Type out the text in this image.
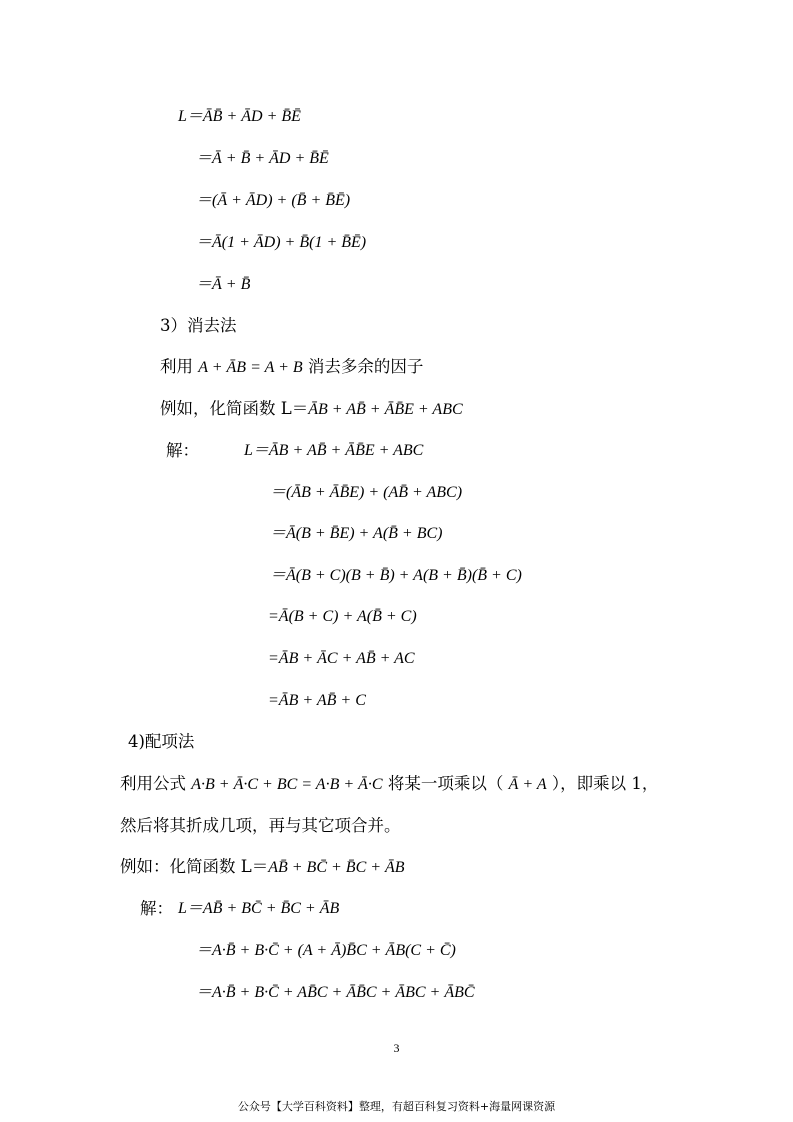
L＝ĀB̄ + ĀD + B̄Ē
＝Ā + B̄ + ĀD + B̄Ē
＝(Ā + ĀD) + (B̄ + B̄Ē)
＝Ā(1 + ĀD) + B̄(1 + B̄Ē)
＝Ā + B̄
3）消去法
利用 A + ĀB = A + B 消去多余的因子
例如，化简函数 L＝ĀB + AB̄ + ĀB̄E + ABC
解：	L＝ĀB + AB̄ + ĀB̄E + ABC
＝(ĀB + ĀB̄E) + (AB̄ + ABC)
＝Ā(B + B̄E) + A(B̄ + BC)
＝Ā(B + C)(B + B̄) + A(B + B̄)(B̄ + C)
=Ā(B + C) + A(B̄ + C)
=ĀB + ĀC + AB̄ + AC
=ĀB + AB̄ + C
4)配项法
利用公式 A·B + Ā·C + BC = A·B + Ā·C 将某一项乘以（ Ā + A ），即乘以 1，
然后将其折成几项，再与其它项合并。
例如：化简函数 L＝AB̄ + BC̄ + B̄C + ĀB
解： L＝AB̄ + BC̄ + B̄C + ĀB
＝A·B̄ + B·C̄ + (A + Ā)B̄C + ĀB(C + C̄)
＝A·B̄ + B·C̄ + AB̄C + ĀB̄C + ĀBC + ĀBC̄
3
公众号【大学百科资料】整理，有超百科复习资料+海量网课资源
